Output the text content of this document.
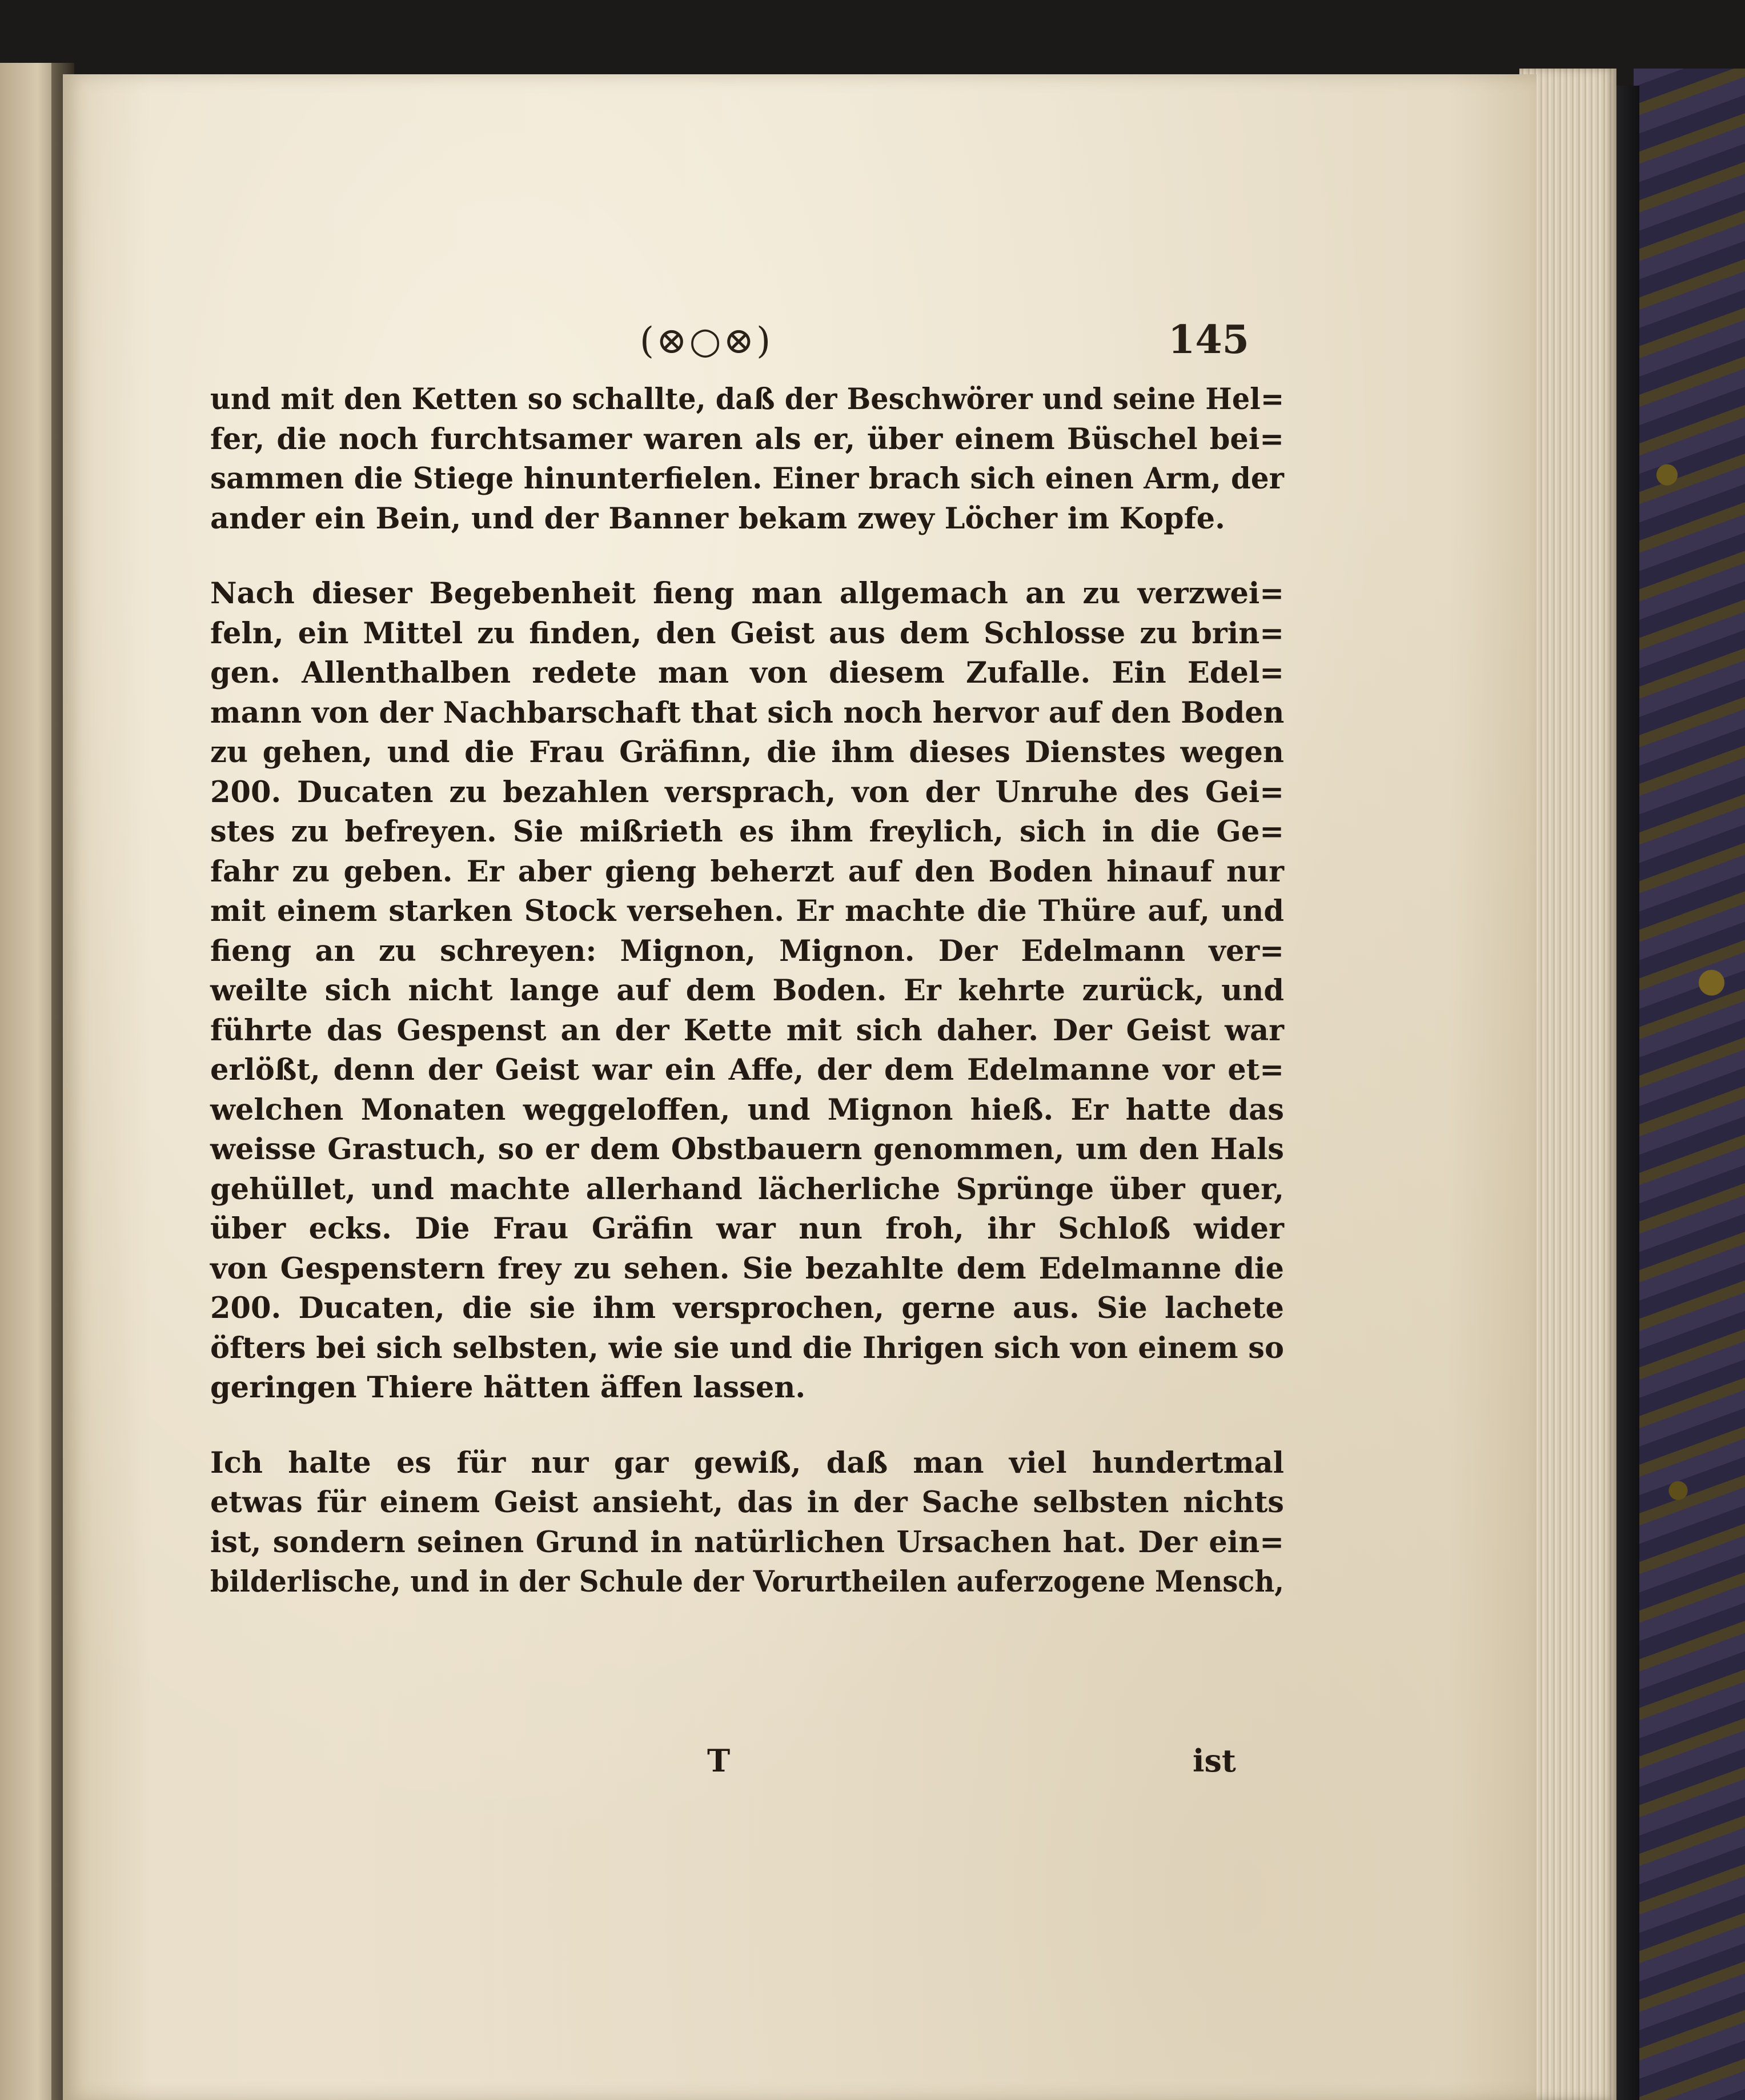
(⊗○⊗)	145

und mit den Ketten so schallte, daß der Beschwörer und seine Hel=
fer, die noch furchtsamer waren als er, über einem Büschel bei=
sammen die Stiege hinunterfielen. Einer brach sich einen Arm, der
ander ein Bein, und der Banner bekam zwey Löcher im Kopfe.

Nach dieser Begebenheit fieng man allgemach an zu verzwei=
feln, ein Mittel zu finden, den Geist aus dem Schlosse zu brin=
gen. Allenthalben redete man von diesem Zufalle. Ein Edel=
mann von der Nachbarschaft that sich noch hervor auf den Boden
zu gehen, und die Frau Gräfinn, die ihm dieses Dienstes wegen
200. Ducaten zu bezahlen versprach, von der Unruhe des Gei=
stes zu befreyen. Sie mißrieth es ihm freylich, sich in die Ge=
fahr zu geben. Er aber gieng beherzt auf den Boden hinauf nur
mit einem starken Stock versehen. Er machte die Thüre auf, und
fieng an zu schreyen: Mignon, Mignon. Der Edelmann ver=
weilte sich nicht lange auf dem Boden. Er kehrte zurück, und
führte das Gespenst an der Kette mit sich daher. Der Geist war
erlößt, denn der Geist war ein Affe, der dem Edelmanne vor et=
welchen Monaten weggeloffen, und Mignon hieß. Er hatte das
weisse Grastuch, so er dem Obstbauern genommen, um den Hals
gehüllet, und machte allerhand lächerliche Sprünge über quer,
über ecks. Die Frau Gräfin war nun froh, ihr Schloß wider
von Gespenstern frey zu sehen. Sie bezahlte dem Edelmanne die
200. Ducaten, die sie ihm versprochen, gerne aus. Sie lachete
öfters bei sich selbsten, wie sie und die Ihrigen sich von einem so
geringen Thiere hätten äffen lassen.

Ich halte es für nur gar gewiß, daß man viel hundertmal
etwas für einem Geist ansieht, das in der Sache selbsten nichts
ist, sondern seinen Grund in natürlichen Ursachen hat. Der ein=
bilderlische, und in der Schule der Vorurtheilen auferzogene Mensch,

T	ist
